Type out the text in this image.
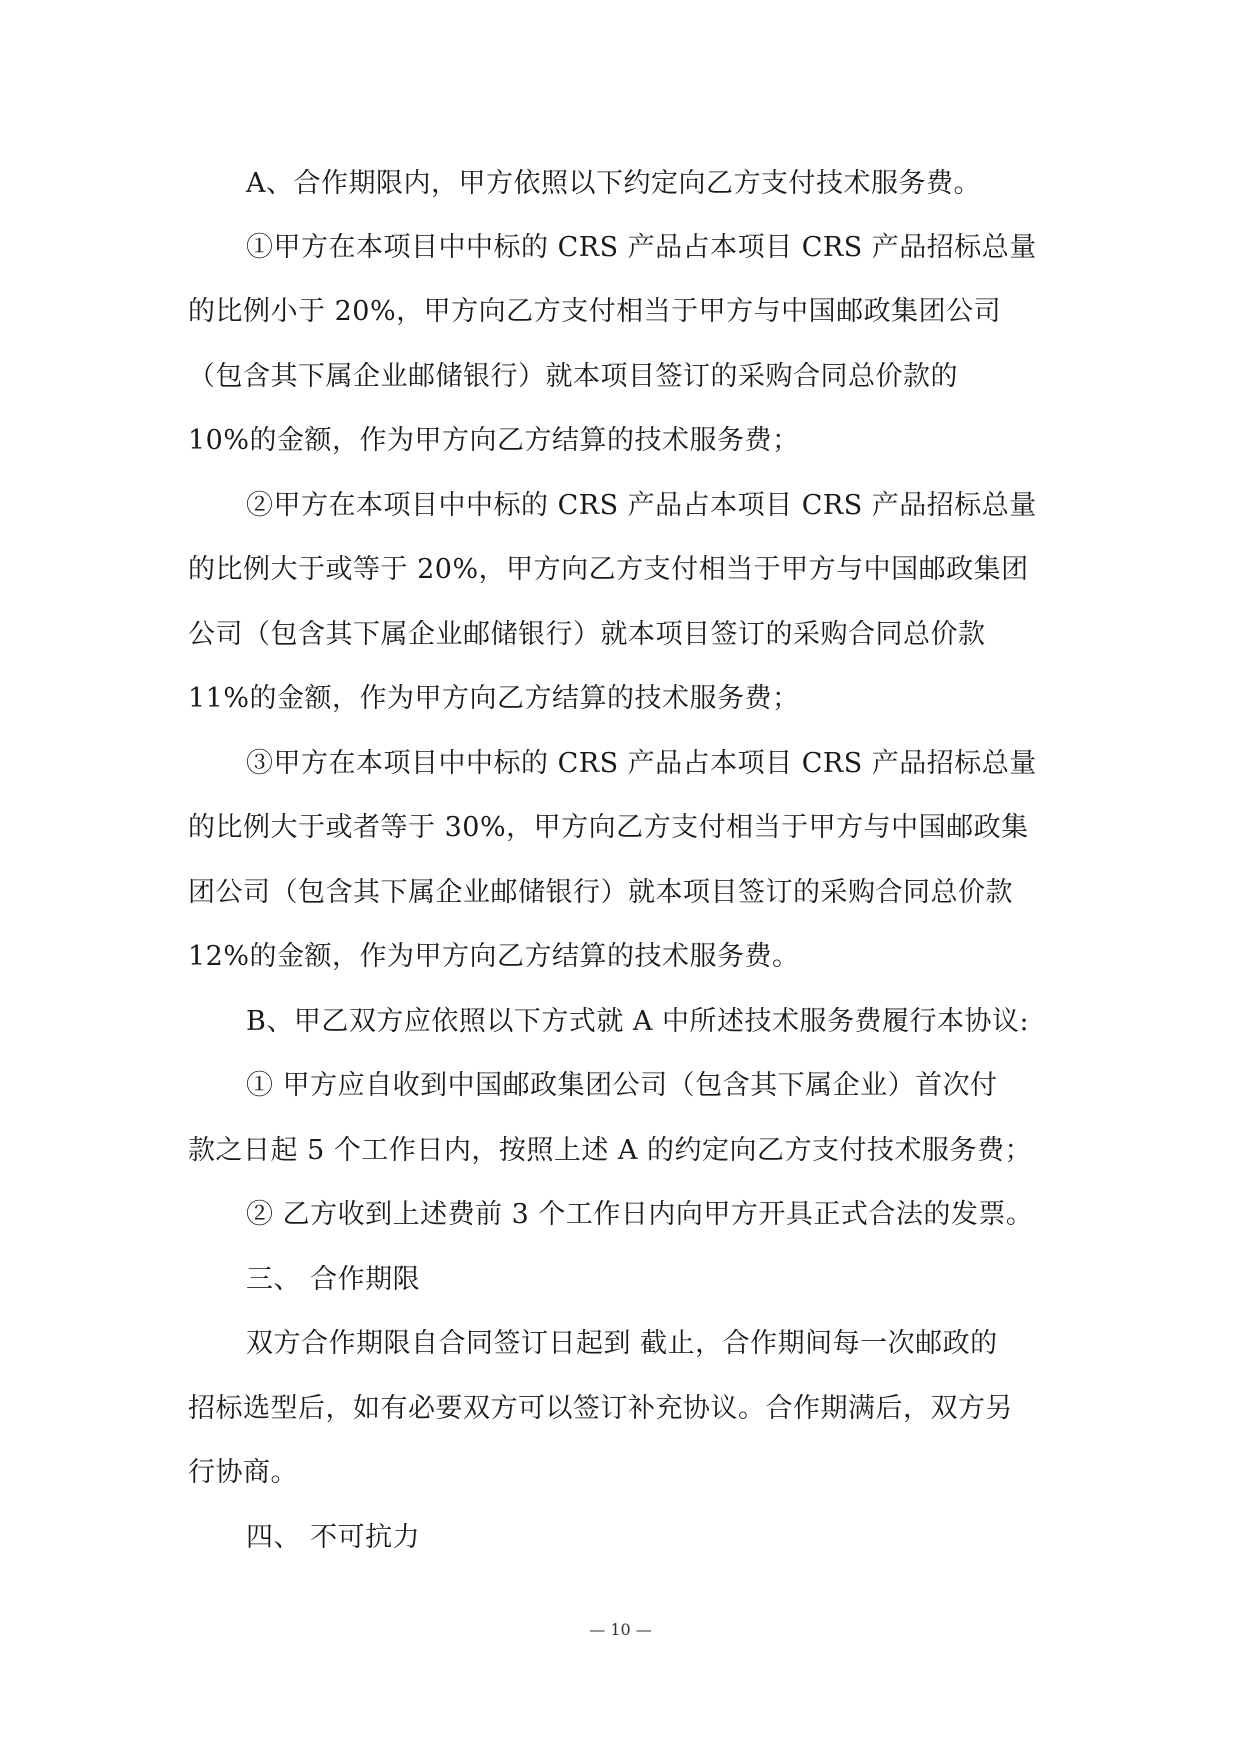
A、合作期限内，甲方依照以下约定向乙方支付技术服务费。
①甲方在本项目中中标的 CRS 产品占本项目 CRS 产品招标总量
的比例小于 20%，甲方向乙方支付相当于甲方与中国邮政集团公司
（包含其下属企业邮储银行）就本项目签订的采购合同总价款的
10%的金额，作为甲方向乙方结算的技术服务费；
②甲方在本项目中中标的 CRS 产品占本项目 CRS 产品招标总量
的比例大于或等于 20%，甲方向乙方支付相当于甲方与中国邮政集团
公司（包含其下属企业邮储银行）就本项目签订的采购合同总价款
11%的金额，作为甲方向乙方结算的技术服务费；
③甲方在本项目中中标的 CRS 产品占本项目 CRS 产品招标总量
的比例大于或者等于 30%，甲方向乙方支付相当于甲方与中国邮政集
团公司（包含其下属企业邮储银行）就本项目签订的采购合同总价款
12%的金额，作为甲方向乙方结算的技术服务费。
B、甲乙双方应依照以下方式就 A 中所述技术服务费履行本协议:
① 甲方应自收到中国邮政集团公司（包含其下属企业）首次付
款之日起 5 个工作日内，按照上述 A 的约定向乙方支付技术服务费；
② 乙方收到上述费前 3 个工作日内向甲方开具正式合法的发票。
三、 合作期限
双方合作期限自合同签订日起到 截止，合作期间每一次邮政的
招标选型后，如有必要双方可以签订补充协议。合作期满后，双方另
行协商。
四、 不可抗力
— 10 —
